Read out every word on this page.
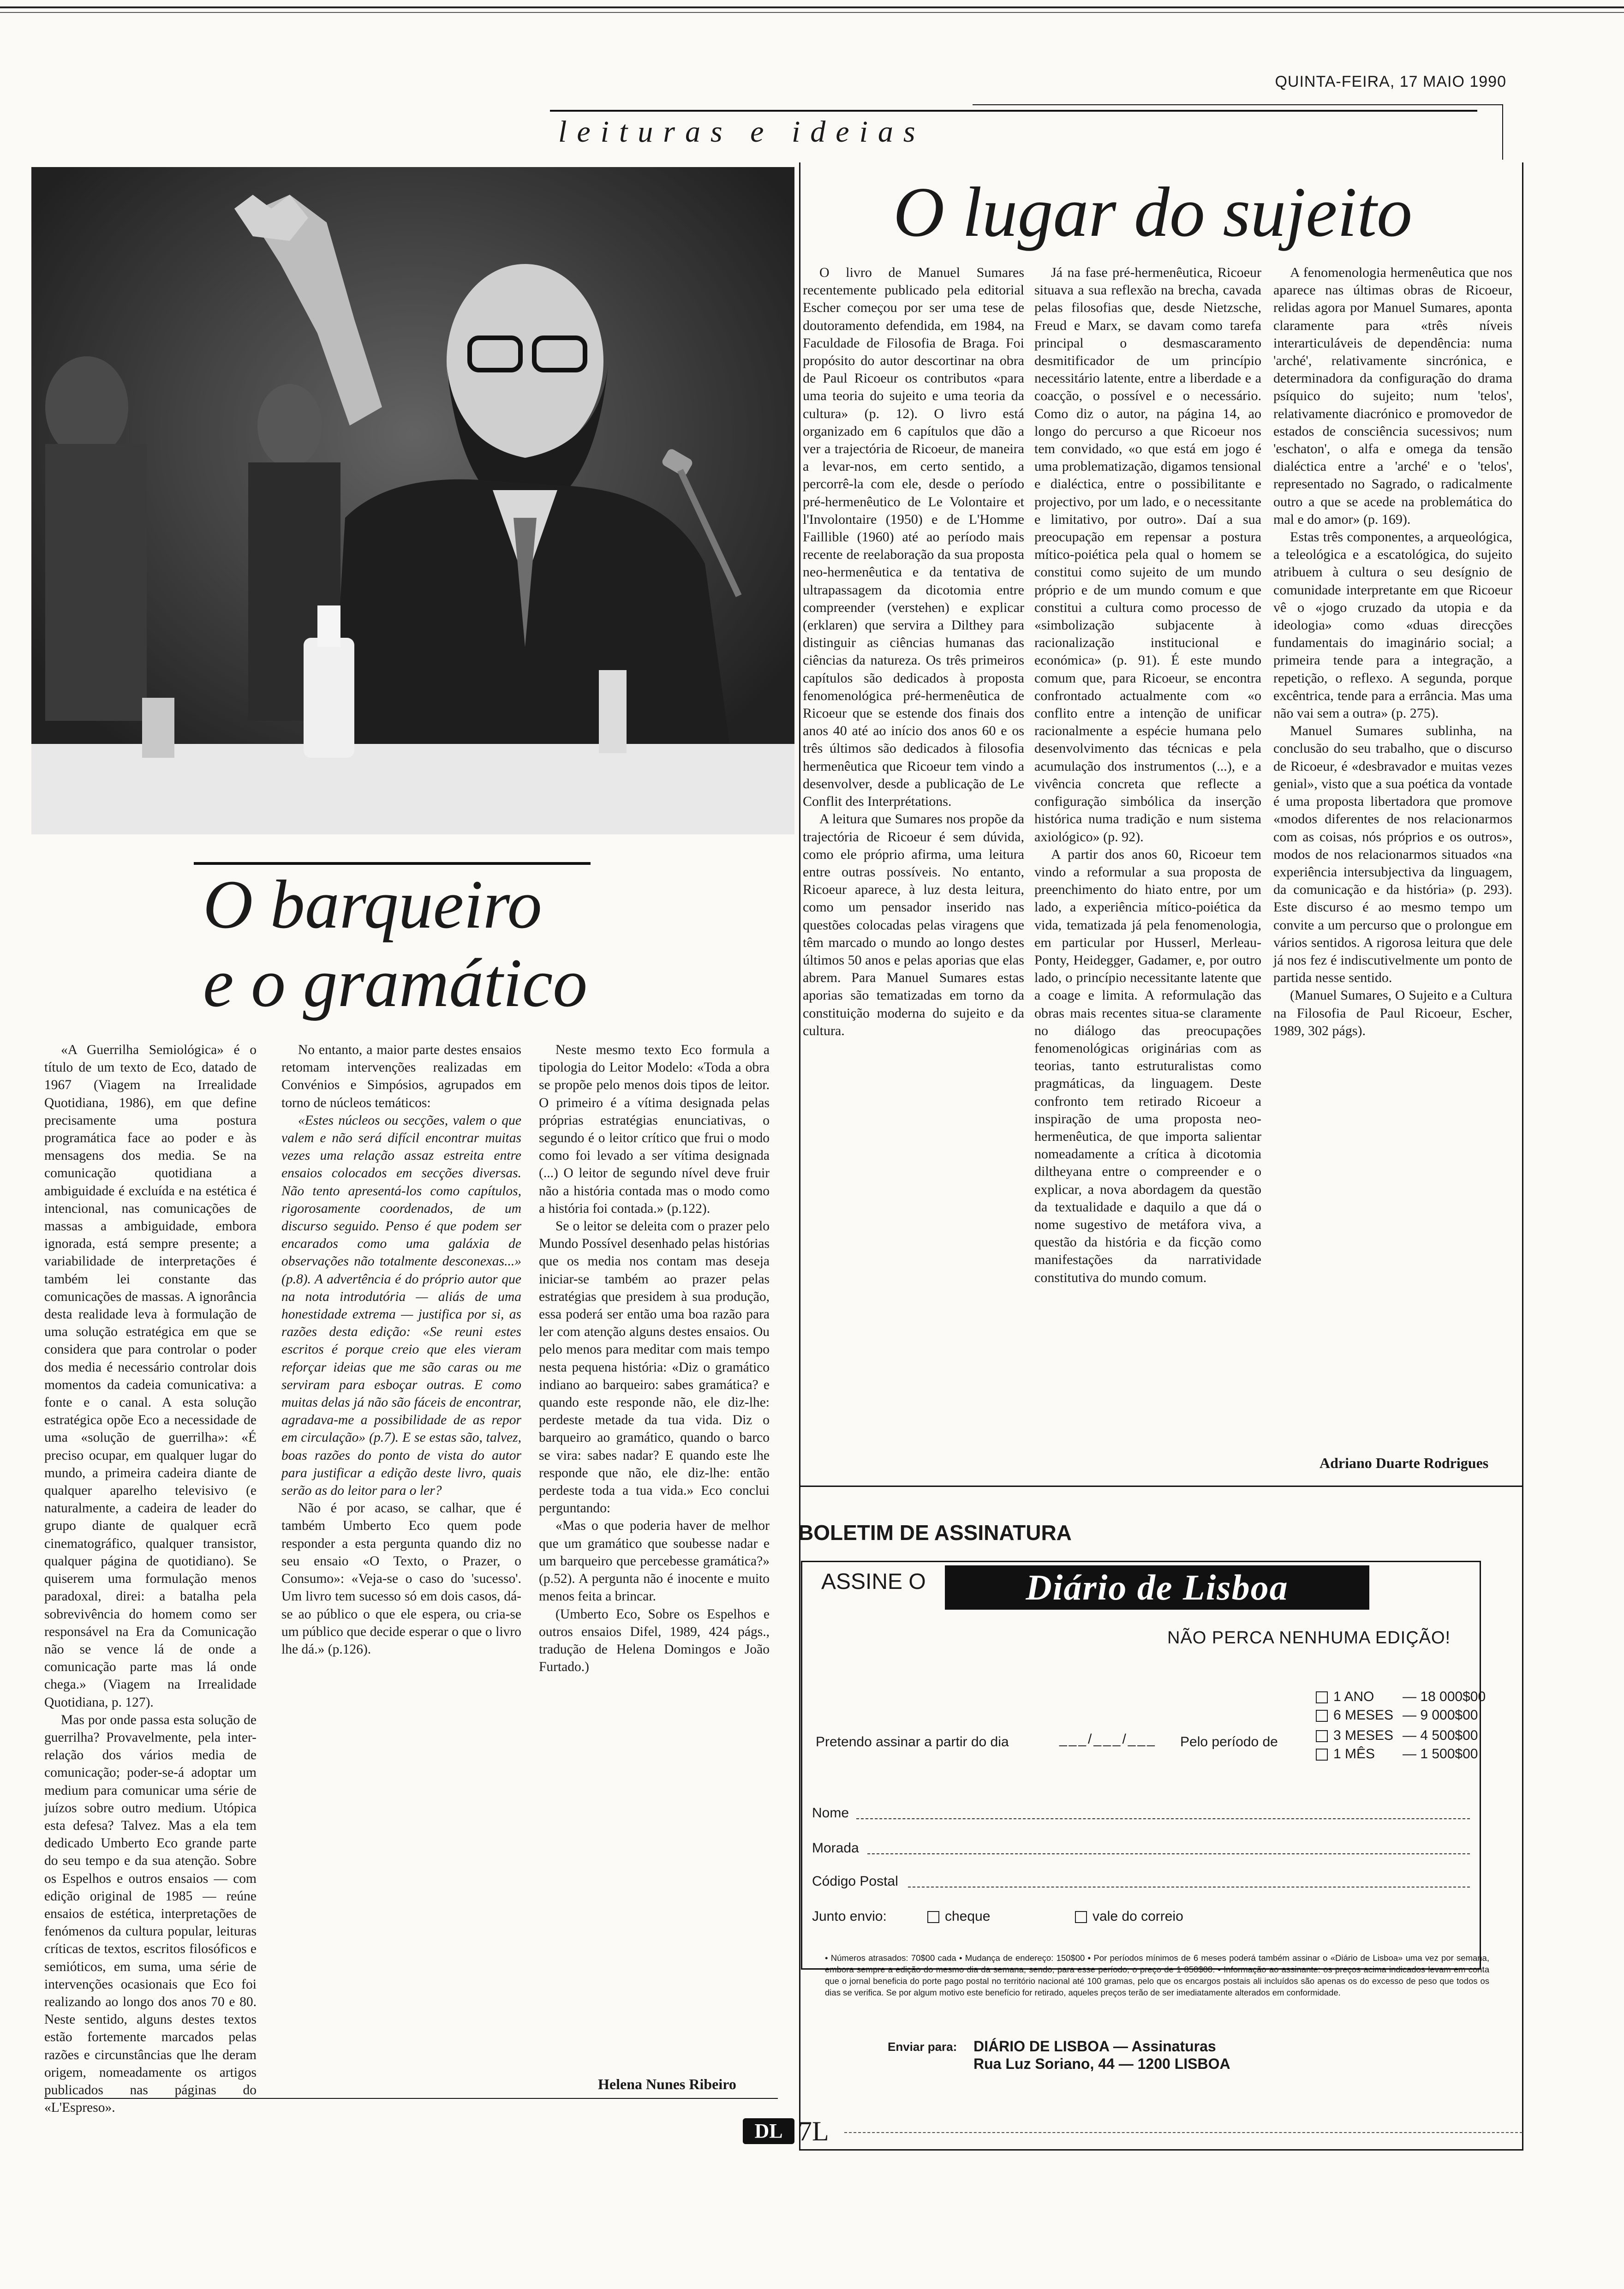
QUINTA-FEIRA, 17 MAIO 1990
leituras e ideias
O lugar do sujeito

O livro de Manuel Sumares recentemente publicado pela editorial Escher começou por ser uma tese de doutoramento defendida, em 1984, na Faculdade de Filosofia de Braga. Foi propósito do autor descortinar na obra de Paul Ricoeur os contributos «para uma teoria do sujeito e uma teoria da cultura» (p. 12). O livro está organizado em 6 capítulos que dão a ver a trajectória de Ricoeur, de maneira a levar-nos, em certo sentido, a percorrê-la com ele, desde o período pré-hermenêutico de Le Volontaire et l'Involontaire (1950) e de L'Homme Faillible (1960) até ao período mais recente de reelaboração da sua proposta neo-hermenêutica e da tentativa de ultrapassagem da dicotomia entre compreender (verstehen) e explicar (erklaren) que servira a Dilthey para distinguir as ciências humanas das ciências da natureza. Os três primeiros capítulos são dedicados à proposta fenomenológica pré-hermenêutica de Ricoeur que se estende dos finais dos anos 40 até ao início dos anos 60 e os três últimos são dedicados à filosofia hermenêutica que Ricoeur tem vindo a desenvolver, desde a publicação de Le Conflit des Interprétations.

A leitura que Sumares nos propõe da trajectória de Ricoeur é sem dúvida, como ele próprio afirma, uma leitura entre outras possíveis. No entanto, Ricoeur aparece, à luz desta leitura, como um pensador inserido nas questões colocadas pelas viragens que têm marcado o mundo ao longo destes últimos 50 anos e pelas aporias que elas abrem. Para Manuel Sumares estas aporias são tematizadas em torno da constituição moderna do sujeito e da cultura.

Já na fase pré-hermenêutica, Ricoeur situava a sua reflexão na brecha, cavada pelas filosofias que, desde Nietzsche, Freud e Marx, se davam como tarefa principal o desmascaramento desmitificador de um princípio necessitário latente, entre a liberdade e a coacção, o possível e o necessário. Como diz o autor, na página 14, ao longo do percurso a que Ricoeur nos tem convidado, «o que está em jogo é uma problematização, digamos tensional e dialéctica, entre o possibilitante e projectivo, por um lado, e o necessitante e limitativo, por outro». Daí a sua preocupação em repensar a postura mítico-poiética pela qual o homem se constitui como sujeito de um mundo próprio e de um mundo comum e que constitui a cultura como processo de «simbolização subjacente à racionalização institucional e económica» (p. 91). É este mundo comum que, para Ricoeur, se encontra confrontado actualmente com «o conflito entre a intenção de unificar racionalmente a espécie humana pelo desenvolvimento das técnicas e pela acumulação dos instrumentos (...), e a vivência concreta que reflecte a configuração simbólica da inserção histórica numa tradição e num sistema axiológico» (p. 92).

A partir dos anos 60, Ricoeur tem vindo a reformular a sua proposta de preenchimento do hiato entre, por um lado, a experiência mítico-poiética da vida, tematizada já pela fenomenologia, em particular por Husserl, Merleau-Ponty, Heidegger, Gadamer, e, por outro lado, o princípio necessitante latente que a coage e limita. A reformulação das obras mais recentes situa-se claramente no diálogo das preocupações fenomenológicas originárias com as teorias, tanto estruturalistas como pragmáticas, da linguagem. Deste confronto tem retirado Ricoeur a inspiração de uma proposta neo-hermenêutica, de que importa salientar nomeadamente a crítica à dicotomia diltheyana entre o compreender e o explicar, a nova abordagem da questão da textualidade e daquilo a que dá o nome sugestivo de metáfora viva, a questão da história e da ficção como manifestações da narratividade constitutiva do mundo comum.

A fenomenologia hermenêutica que nos aparece nas últimas obras de Ricoeur, relidas agora por Manuel Sumares, aponta claramente para «três níveis interarticuláveis de dependência: numa 'arché', relativamente sincrónica, e determinadora da configuração do drama psíquico do sujeito; num 'telos', relativamente diacrónico e promovedor de estados de consciência sucessivos; num 'eschaton', o alfa e omega da tensão dialéctica entre a 'arché' e o 'telos', representado no Sagrado, o radicalmente outro a que se acede na problemática do mal e do amor» (p. 169).

Estas três componentes, a arqueológica, a teleológica e a escatológica, do sujeito atribuem à cultura o seu desígnio de comunidade interpretante em que Ricoeur vê o «jogo cruzado da utopia e da ideologia» como «duas direcções fundamentais do imaginário social; a primeira tende para a integração, a repetição, o reflexo. A segunda, porque excêntrica, tende para a errância. Mas uma não vai sem a outra» (p. 275).

Manuel Sumares sublinha, na conclusão do seu trabalho, que o discurso de Ricoeur, é «desbravador e muitas vezes genial», visto que a sua poética da vontade é uma proposta libertadora que promove «modos diferentes de nos relacionarmos com as coisas, nós próprios e os outros», modos de nos relacionarmos situados «na experiência intersubjectiva da linguagem, da comunicação e da história» (p. 293). Este discurso é ao mesmo tempo um convite a um percurso que o prolongue em vários sentidos. A rigorosa leitura que dele já nos fez é indiscutivelmente um ponto de partida nesse sentido.

(Manuel Sumares, O Sujeito e a Cultura na Filosofia de Paul Ricoeur, Escher, 1989, 302 págs).

Adriano Duarte Rodrigues
O barqueiro
e o gramático

«A Guerrilha Semiológica» é o título de um texto de Eco, datado de 1967 (Viagem na Irrealidade Quotidiana, 1986), em que define precisamente uma postura programática face ao poder e às mensagens dos media. Se na comunicação quotidiana a ambiguidade é excluída e na estética é intencional, nas comunicações de massas a ambiguidade, embora ignorada, está sempre presente; a variabilidade de interpretações é também lei constante das comunicações de massas. A ignorância desta realidade leva à formulação de uma solução estratégica em que se considera que para controlar o poder dos media é necessário controlar dois momentos da cadeia comunicativa: a fonte e o canal. A esta solução estratégica opõe Eco a necessidade de uma «solução de guerrilha»: «É preciso ocupar, em qualquer lugar do mundo, a primeira cadeira diante de qualquer aparelho televisivo (e naturalmente, a cadeira de leader do grupo diante de qualquer ecrã cinematográfico, qualquer transistor, qualquer página de quotidiano). Se quiserem uma formulação menos paradoxal, direi: a batalha pela sobrevivência do homem como ser responsável na Era da Comunicação não se vence lá de onde a comunicação parte mas lá onde chega.» (Viagem na Irrealidade Quotidiana, p. 127).

Mas por onde passa esta solução de guerrilha? Provavelmente, pela inter-relação dos vários media de comunicação; poder-se-á adoptar um medium para comunicar uma série de juízos sobre outro medium. Utópica esta defesa? Talvez. Mas a ela tem dedicado Umberto Eco grande parte do seu tempo e da sua atenção. Sobre os Espelhos e outros ensaios — com edição original de 1985 — reúne ensaios de estética, interpretações de fenómenos da cultura popular, leituras críticas de textos, escritos filosóficos e semióticos, em suma, uma série de intervenções ocasionais que Eco foi realizando ao longo dos anos 70 e 80. Neste sentido, alguns destes textos estão fortemente marcados pelas razões e circunstâncias que lhe deram origem, nomeadamente os artigos publicados nas páginas do «L'Espreso».

No entanto, a maior parte destes ensaios retomam intervenções realizadas em Convénios e Simpósios, agrupados em torno de núcleos temáticos:

«Estes núcleos ou secções, valem o que valem e não será difícil encontrar muitas vezes uma relação assaz estreita entre ensaios colocados em secções diversas. Não tento apresentá-los como capítulos, rigorosamente coordenados, de um discurso seguido. Penso é que podem ser encarados como uma galáxia de observações não totalmente desconexas...» (p.8). A advertência é do próprio autor que na nota introdutória — aliás de uma honestidade extrema — justifica por si, as razões desta edição: «Se reuni estes escritos é porque creio que eles vieram reforçar ideias que me são caras ou me serviram para esboçar outras. E como muitas delas já não são fáceis de encontrar, agradava-me a possibilidade de as repor em circulação» (p.7). E se estas são, talvez, boas razões do ponto de vista do autor para justificar a edição deste livro, quais serão as do leitor para o ler?

Não é por acaso, se calhar, que é também Umberto Eco quem pode responder a esta pergunta quando diz no seu ensaio «O Texto, o Prazer, o Consumo»: «Veja-se o caso do 'sucesso'. Um livro tem sucesso só em dois casos, dá-se ao público o que ele espera, ou cria-se um público que decide esperar o que o livro lhe dá.» (p.126).

Neste mesmo texto Eco formula a tipologia do Leitor Modelo: «Toda a obra se propõe pelo menos dois tipos de leitor. O primeiro é a vítima designada pelas próprias estratégias enunciativas, o segundo é o leitor crítico que frui o modo como foi levado a ser vítima designada (...) O leitor de segundo nível deve fruir não a história contada mas o modo como a história foi contada.» (p.122).

Se o leitor se deleita com o prazer pelo Mundo Possível desenhado pelas histórias que os media nos contam mas deseja iniciar-se também ao prazer pelas estratégias que presidem à sua produção, essa poderá ser então uma boa razão para ler com atenção alguns destes ensaios. Ou pelo menos para meditar com mais tempo nesta pequena história: «Diz o gramático indiano ao barqueiro: sabes gramática? e quando este responde não, ele diz-lhe: perdeste metade da tua vida. Diz o barqueiro ao gramático, quando o barco se vira: sabes nadar? E quando este lhe responde que não, ele diz-lhe: então perdeste toda a tua vida.» Eco conclui perguntando:

«Mas o que poderia haver de melhor que um gramático que soubesse nadar e um barqueiro que percebesse gramática?» (p.52). A pergunta não é inocente e muito menos feita a brincar.

(Umberto Eco, Sobre os Espelhos e outros ensaios Difel, 1989, 424 págs., tradução de Helena Domingos e João Furtado.)

Helena Nunes Ribeiro
BOLETIM DE ASSINATURA
ASSINE O	Diário de Lisboa
NÃO PERCA NENHUMA EDIÇÃO!
Pretendo assinar a partir do dia	___/___/___ Pelo período de
1 ANO — 18 000$00
6 MESES — 9 000$00
3 MESES — 4 500$00
1 MÊS — 1 500$00
Nome
Morada
Código Postal
Junto envio:	cheque	vale do correio
• Números atrasados: 70$00 cada • Mudança de endereço: 150$00 • Por períodos mínimos de 6 meses poderá também assinar o «Diário de Lisboa» uma vez por semana, embora sempre a edição do mesmo dia da semana, sendo, para esse período, o preço de 1 850$00. • Informação ao assinante: os preços acima indicados levam em conta que o jornal beneficia do porte pago postal no território nacional até 100 gramas, pelo que os encargos postais ali incluídos são apenas os do excesso de peso que todos os dias se verifica. Se por algum motivo este benefício for retirado, aqueles preços terão de ser imediatamente alterados em conformidade.
Enviar para: DIÁRIO DE LISBOA — Assinaturas
Rua Luz Soriano, 44 — 1200 LISBOA
DL 7L
